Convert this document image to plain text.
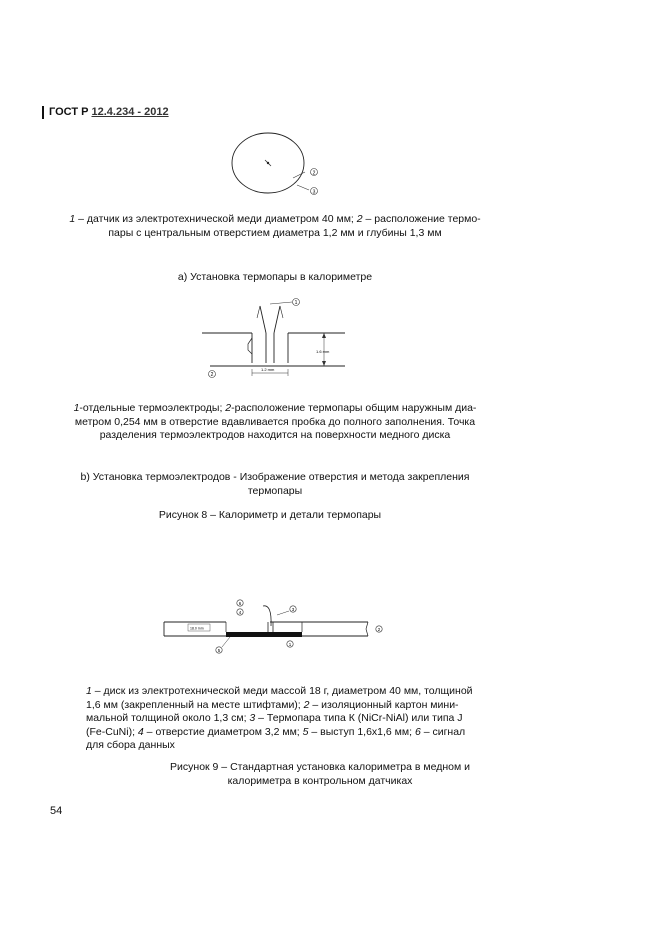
ГОСТ Р 12.4.234 - 2012
2
3
1 – датчик из электротехнической меди диаметром 40 мм; 2 – расположение термо-
пары с центральным отверстием диаметра 1,2 мм и глубины 1,3 мм
а) Установка термопары в калориметре
1
1.6 mm
1.2 mm
2
1-отдельные термоэлектроды; 2-расположение термопары общим наружным диа-
метром 0,254 мм в отверстие вдавливается пробка до полного заполнения. Точка
разделения термоэлектродов находится на поверхности медного диска
b) Установка термоэлектродов - Изображение отверстия и метода закрепления
термопары
Рисунок 8 – Калориметр и детали термопары
18.0 mm
6
4
3
2
1
5
1 – диск из электротехнической меди массой 18 г, диаметром 40 мм, толщиной
1,6 мм (закрепленный на месте штифтами); 2 – изоляционный картон мини-
мальной толщиной около 1,3 см; 3 – Термопара типа К (NiCr-NiAl) или типа J
(Fe-CuNi); 4 – отверстие диаметром 3,2 мм; 5 – выступ 1,6х1,6 мм; 6 – сигнал
для сбора данных
Рисунок 9 – Стандартная установка калориметра в медном и
калориметра в контрольном датчиках
54
